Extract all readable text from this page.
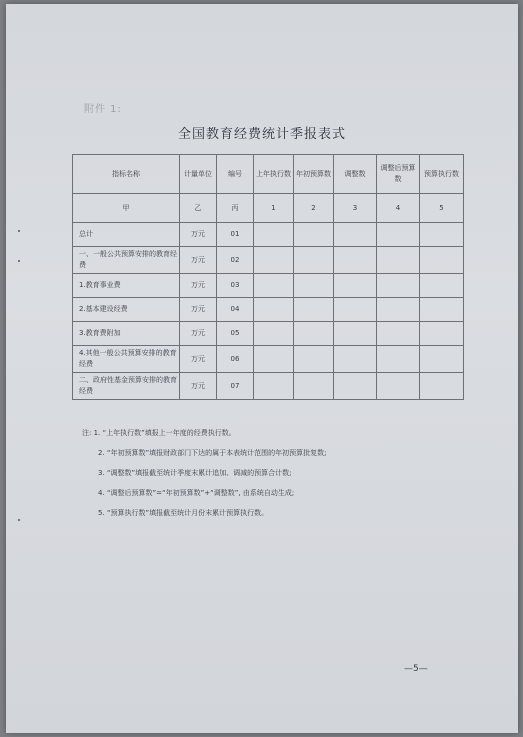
附件 1:
全国教育经费统计季报表式
指标名称	计量单位	编号	上年执行数	年初预算数	调整数	调整后预算数	预算执行数
甲	乙	丙	1	2	3	4	5
总计	万元	01					
一、一般公共预算安排的教育经费	万元	02					
1.教育事业费	万元	03					
2.基本建设经费	万元	04					
3.教育费附加	万元	05					
4.其他一般公共预算安排的教育经费	万元	06					
二、政府性基金预算安排的教育经费	万元	07					
注: 1. “上年执行数”填报上一年度的经费执行数。
2. “年初预算数”填报财政部门下达的属于本表统计范围的年初预算批复数;
3. “调整数”填报截至统计季度末累计追加、调减的预算合计数;
4. “调整后预算数”=“年初预算数”+“调整数”, 由系统自动生成;
5. “预算执行数”填报截至统计月份末累计预算执行数。
—5—
